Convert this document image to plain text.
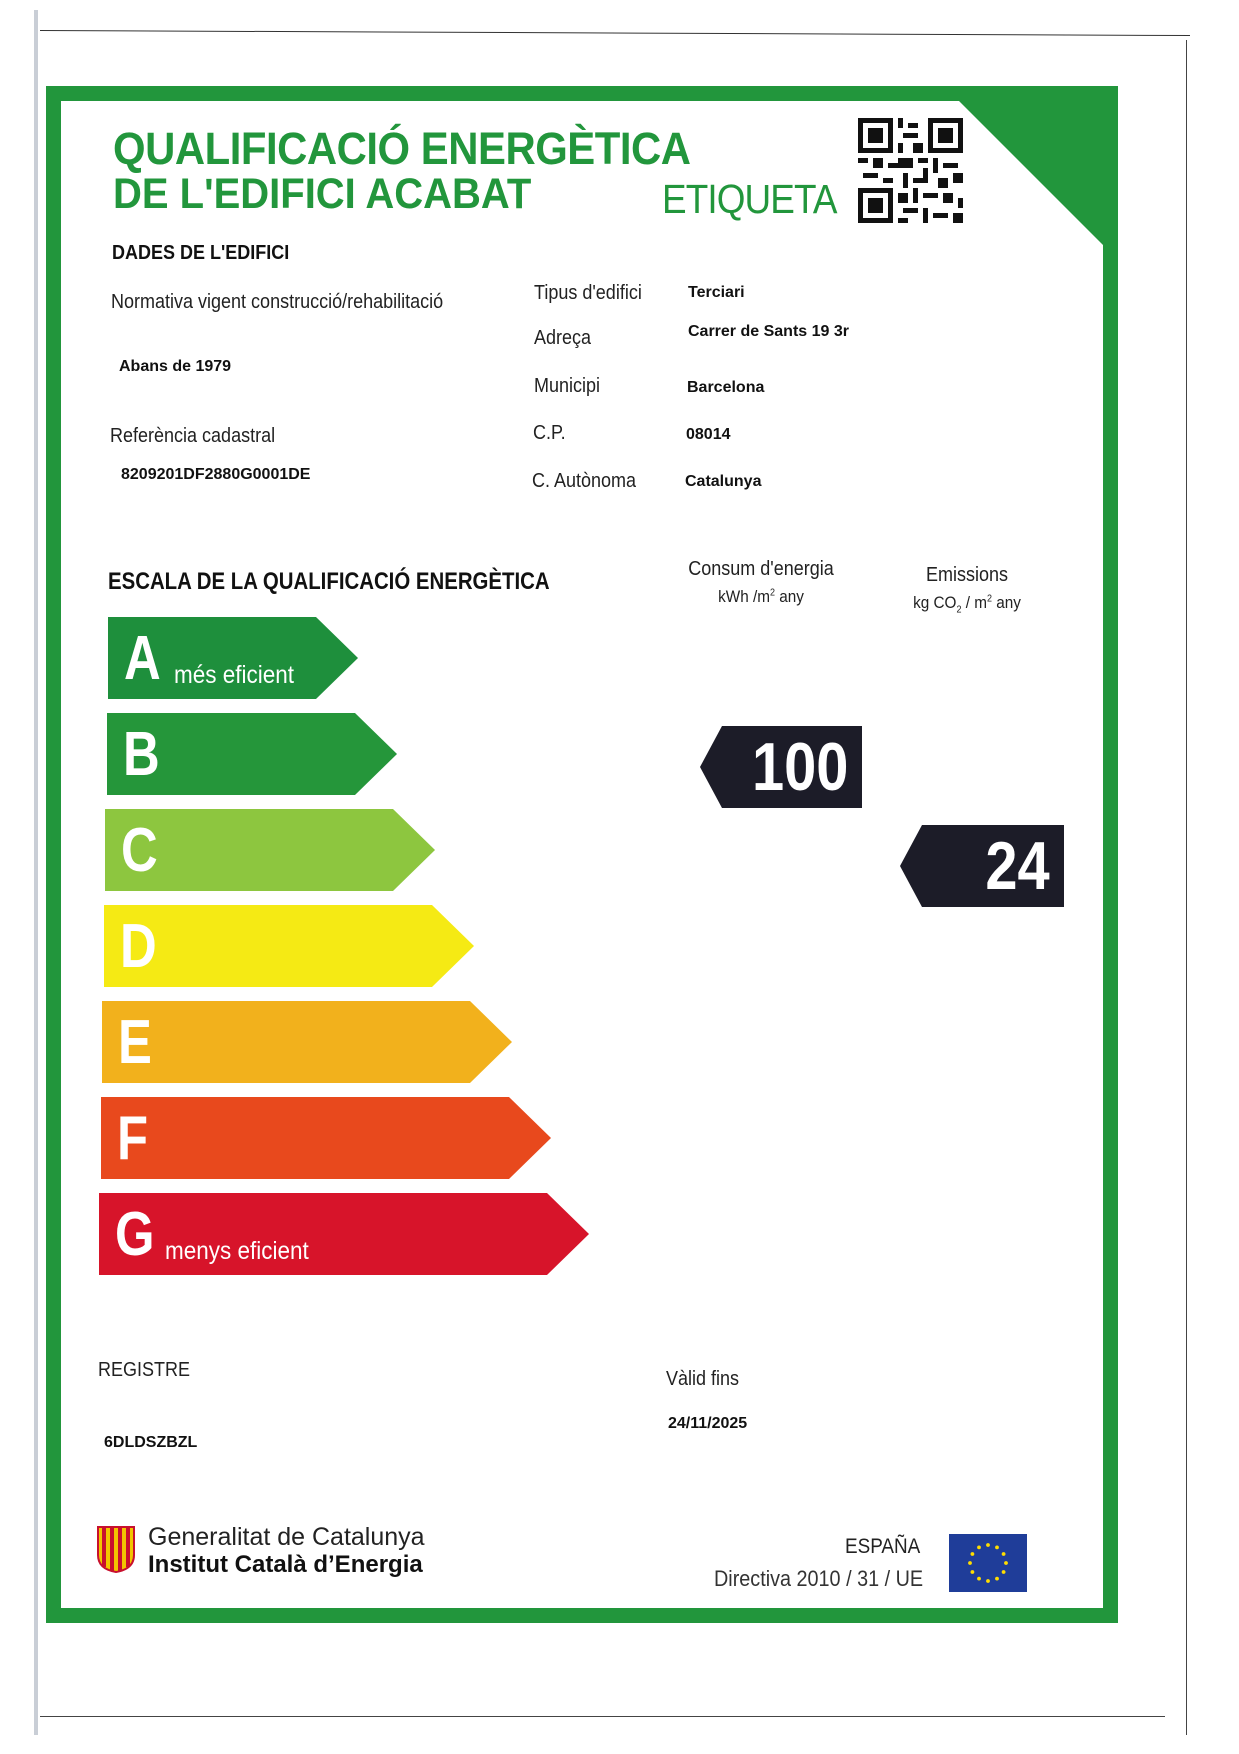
QUALIFICACIÓ ENERGÈTICA
DE L'EDIFICI ACABAT	ETIQUETA
DADES DE L'EDIFICI
Normativa vigent construcció/rehabilitació
Abans de 1979
Referència cadastral
8209201DF2880G0001DE
Tipus d'edifici	Terciari
Adreça	Carrer de Sants 19 3r
Municipi	Barcelona
C.P.	08014
C. Autònoma	Catalunya
ESCALA DE LA QUALIFICACIÓ ENERGÈTICA	Consum d'energia
kWh $/m^2$ any
Emissions
kg $CO_2 / m^2$ any
A més eficient
B
C
D
E
F
G menys eficient
100
24
REGISTRE
6DLDSZBZL
Vàlid fins
24/11/2025
Generalitat de Catalunya
Institut Català d’Energia
ESPAÑA
Directiva 2010 / 31 / UE
